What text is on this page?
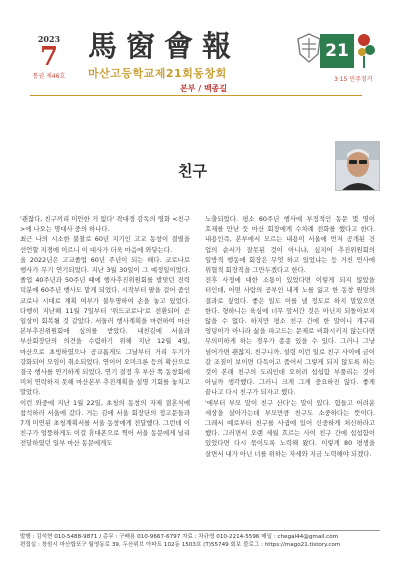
2023
7
통권 제46호
馬窗會報
마산고등학교제21회동창회
21
3·15 민주정거
본부 / 백종길
친구

'괜찮다, 친구끼리 미안한 거 없다' 곽대경 감독의 영화 <친구>에 나오는 명대사 중의 하나다.

최근 나의 시소한 불찰로 60년 지기인 고교 동창이 결별을 선언할 지경에 이르니 이 대사가 더욱 마음에 와닿는다.

올 2022년은 고교졸업 60년 주년이 되는 해다. 코로나로 행사가 무기 연기되었다. 지난 3월 30일이 그 예정일이었다. 졸업 40주년과 50주년 때에 행사추진위원회를 발맞던 전력 덕분에 60주년 행사도 맡게 되었다. 시작부터 팔을 걸어 줌인 코로나 시대로 계획 여부가 불투명하여 손을 놓고 있었다. 다행히 지난해 11월 7일부터 '위드코로나'로 전환되어 곧 일상이 회복될 것 같았다. 서둘러 행사계획을 마련하여 마산 본부추진위원회에 심의를 받았다. 내친김에 서울과 부산회장단의 의견을 수렴하기 위해 지난 12월 4일, 마산으로 초빙하였으나 공교롭게도 그날부터 거리 두기가 강화되어 모임이 취소되었다. 연이어 오미크론 등의 확산으로 결국 행사를 연기하게 되었다. 연기 결정 후 부산 쪽 동창회에 미처 연락하지 못해 마산본부 추진계획을 설명 기회를 놓치고 말았다.

이런 와중에 지난 1월 22일, 초청의 동창의 자제 결혼식에 참석하러 서울에 갔다. 거는 김에 서울 회장단의 정고문들과 7개 미연된 초청계획서를 서울 동창에게 전달했다. 그런데 이 친구가 엉뚱하게도 이걸 휴대폰으로 찍어 서울 동문에게 널리 전달하였던 일부 마산 동문에게도

노출되었다. 평소 60주년 행사에 부정적인 동문 몇 명이 호재를 만난 듯 마산 회장에게 수차례 전화를 했다고 한다. 내용인즉, 본부에서 모르는 내용이 서울에 먼저 공개된 건 업의 순서가 잘못된 것이 아니냐, 심지어 추진위원회의 일방적 행동에 회장은 무엇 하고 있었냐는 등 거친 언사에 위협적 회장직을 그만두겠다고 한다.

전후 사정에 대한 소통이 있었다면 이렇게 되지 않았을 터인데, 어떤 사람의 공부인 내게 노를 잃고 한 동창 원망의 결과로 짚었다. 좋은 일도 이를 낼 정도로 하지 말았으면 한다. 형하니는 육심에 너무 앞서간 것은 아닌지 되돌아보지 않을 수 없다. 하지만 평소 친구 간에 한 말이니 개구리 엉덩이가 아니라 삶을 파고드는 문제로 비화시키지 않는다면 무의미하게 하는 경우가 종종 있을 수 있다. 그러니 그냥 넘어가면 괜찮지. 친구니까. 설령 이런 일로 친구 사이에 금이 갈 조짐이 보이면 다독이고 품어서 그렇게 되지 않도록 하는 것이 본래 친구의 도리인데 오히려 섭섭함 부풀리는 것이 아닐까 생각했다. 그러니 크게 그게 중요하진 않다. 좋게 끝나고 다시 친구가 되자고 했다.

'에부터 부모 말이 친구 산다'는 말이 있다. 험들고 어려운 세상을 살아가는데 부모만큼 친구도 소중하다는 뜻이다. 그래서 예로부터 친구를 사귐에 있어 신중하게 처신하라고 했다. 그러면서 오랜 세월 흐르는 사이 친구 간에 섭섭함이 있었다면 다시 묶이도록 노력해 왔다. 이렇게 80 평생을 살면서 내가 아닌 너를 위하는 자세와 지금 노력해야 되겠다.

발행 : 김석현 010-5488-9871 / 총무 : 구배용 010-9667-6797 자료 : 차규영 010-2214-5596 메일 : chegal44@gmail.com
편집실 : 창원시 마산합포구 월영동로 39, 두산위브 아파트 102동 1503호 (T)55749 회보 블로그 : https://mago21.tistory.com
